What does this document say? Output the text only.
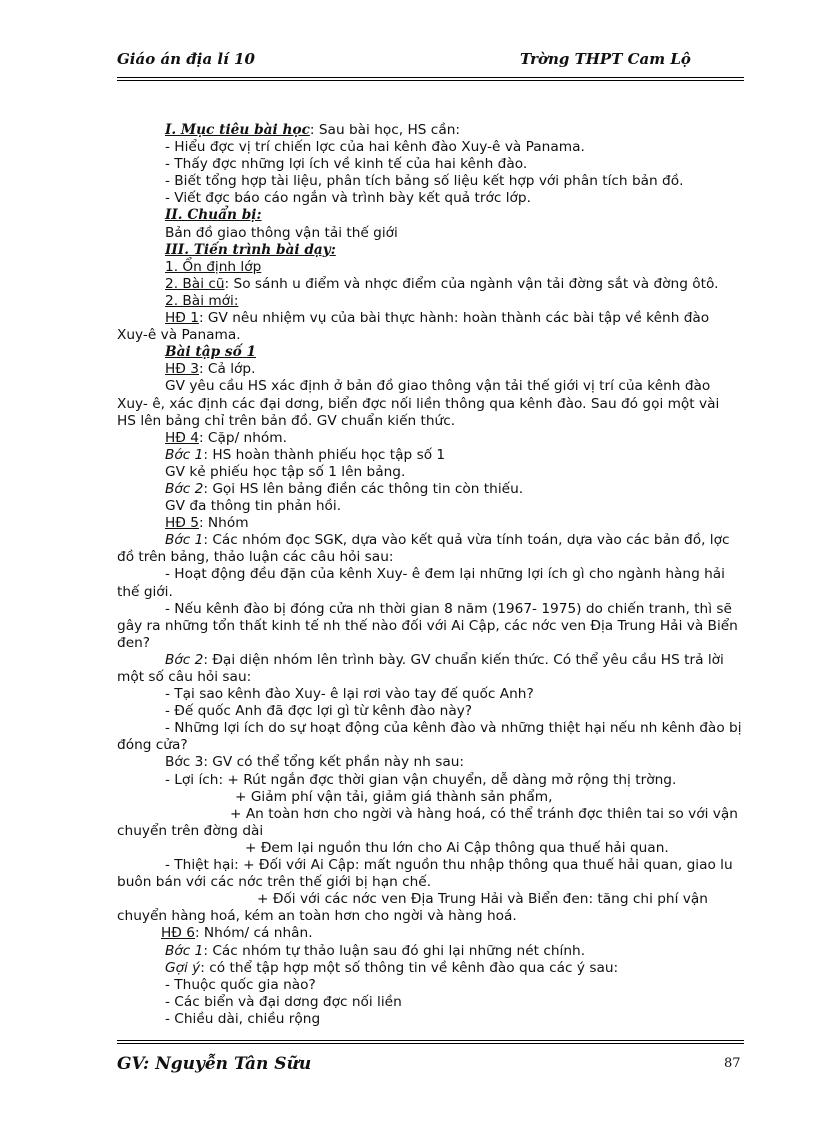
Giáo án địa lí 10	Trờng THPT Cam Lộ

I. Mục tiêu bài học: Sau bài học, HS cần:

- Hiểu đợc vị trí chiến lợc của hai kênh đào Xuy-ê và Panama.

- Thấy đợc những lợi ích về kinh tế của hai kênh đào.

- Biết tổng hợp tài liệu, phân tích bảng số liệu kết hợp với phân tích bản đồ.

- Viết đợc báo cáo ngắn và trình bày kết quả trớc lớp.

II. Chuẩn bị:

Bản đồ giao thông vận tải thế giới

III. Tiến trình bài dạy:

1. Ổn định lớp

2. Bài cũ: So sánh u điểm và nhợc điểm của ngành vận tải đờng sắt và đờng ôtô.

2. Bài mới:

HĐ 1: GV nêu nhiệm vụ của bài thực hành: hoàn thành các bài tập về kênh đào Xuy-ê và Panama.

Bài tập số 1

HĐ 3: Cả lớp.

GV yêu cầu HS xác định ở bản đồ giao thông vận tải thế giới vị trí của kênh đào Xuy- ê, xác định các đại dơng, biển đợc nối liền thông qua kênh đào. Sau đó gọi một vài HS lên bảng chỉ trên bản đồ. GV chuẩn kiến thức.

HĐ 4: Cặp/ nhóm.

Bớc 1: HS hoàn thành phiếu học tập số 1

GV kẻ phiếu học tập số 1 lên bảng.

Bớc 2: Gọi HS lên bảng điền các thông tin còn thiếu.

GV đa thông tin phản hồi.

HĐ 5: Nhóm

Bớc 1: Các nhóm đọc SGK, dựa vào kết quả vừa tính toán, dựa vào các bản đồ, lợc đồ trên bảng, thảo luận các câu hỏi sau:

- Hoạt động đều đặn của kênh Xuy- ê đem lại những lợi ích gì cho ngành hàng hải thế giới.

- Nếu kênh đào bị đóng cửa nh thời gian 8 năm (1967- 1975) do chiến tranh, thì sẽ gây ra những tổn thất kinh tế nh thế nào đối với Ai Cập, các nớc ven Địa Trung Hải và Biển đen?

Bớc 2: Đại diện nhóm lên trình bày. GV chuẩn kiến thức. Có thể yêu cầu HS trả lời một số câu hỏi sau:

- Tại sao kênh đào Xuy- ê lại rơi vào tay đế quốc Anh?

- Đế quốc Anh đã đợc lợi gì từ kênh đào này?

- Những lợi ích do sự hoạt động của kênh đào và những thiệt hại nếu nh kênh đào bị đóng cửa?

Bớc 3: GV có thể tổng kết phần này nh sau:

- Lợi ích: + Rút ngắn đợc thời gian vận chuyển, dễ dàng mở rộng thị trờng.

+ Giảm phí vận tải, giảm giá thành sản phẩm,

+ An toàn hơn cho ngời và hàng hoá, có thể tránh đợc thiên tai so với vận chuyển trên đờng dài

+ Đem lại nguồn thu lớn cho Ai Cập thông qua thuế hải quan.

- Thiệt hại: + Đối với Ai Cập: mất nguồn thu nhập thông qua thuế hải quan, giao lu buôn bán với các nớc trên thế giới bị hạn chế.

+ Đối với các nớc ven Địa Trung Hải và Biển đen: tăng chi phí vận chuyển hàng hoá, kém an toàn hơn cho ngời và hàng hoá.

HĐ 6: Nhóm/ cá nhân.

Bớc 1: Các nhóm tự thảo luận sau đó ghi lại những nét chính.

Gợi ý: có thể tập hợp một số thông tin về kênh đào qua các ý sau:

- Thuộc quốc gia nào?

- Các biển và đại dơng đợc nối liền

- Chiều dài, chiều rộng

GV: Nguyễn Tân Sữu	87
